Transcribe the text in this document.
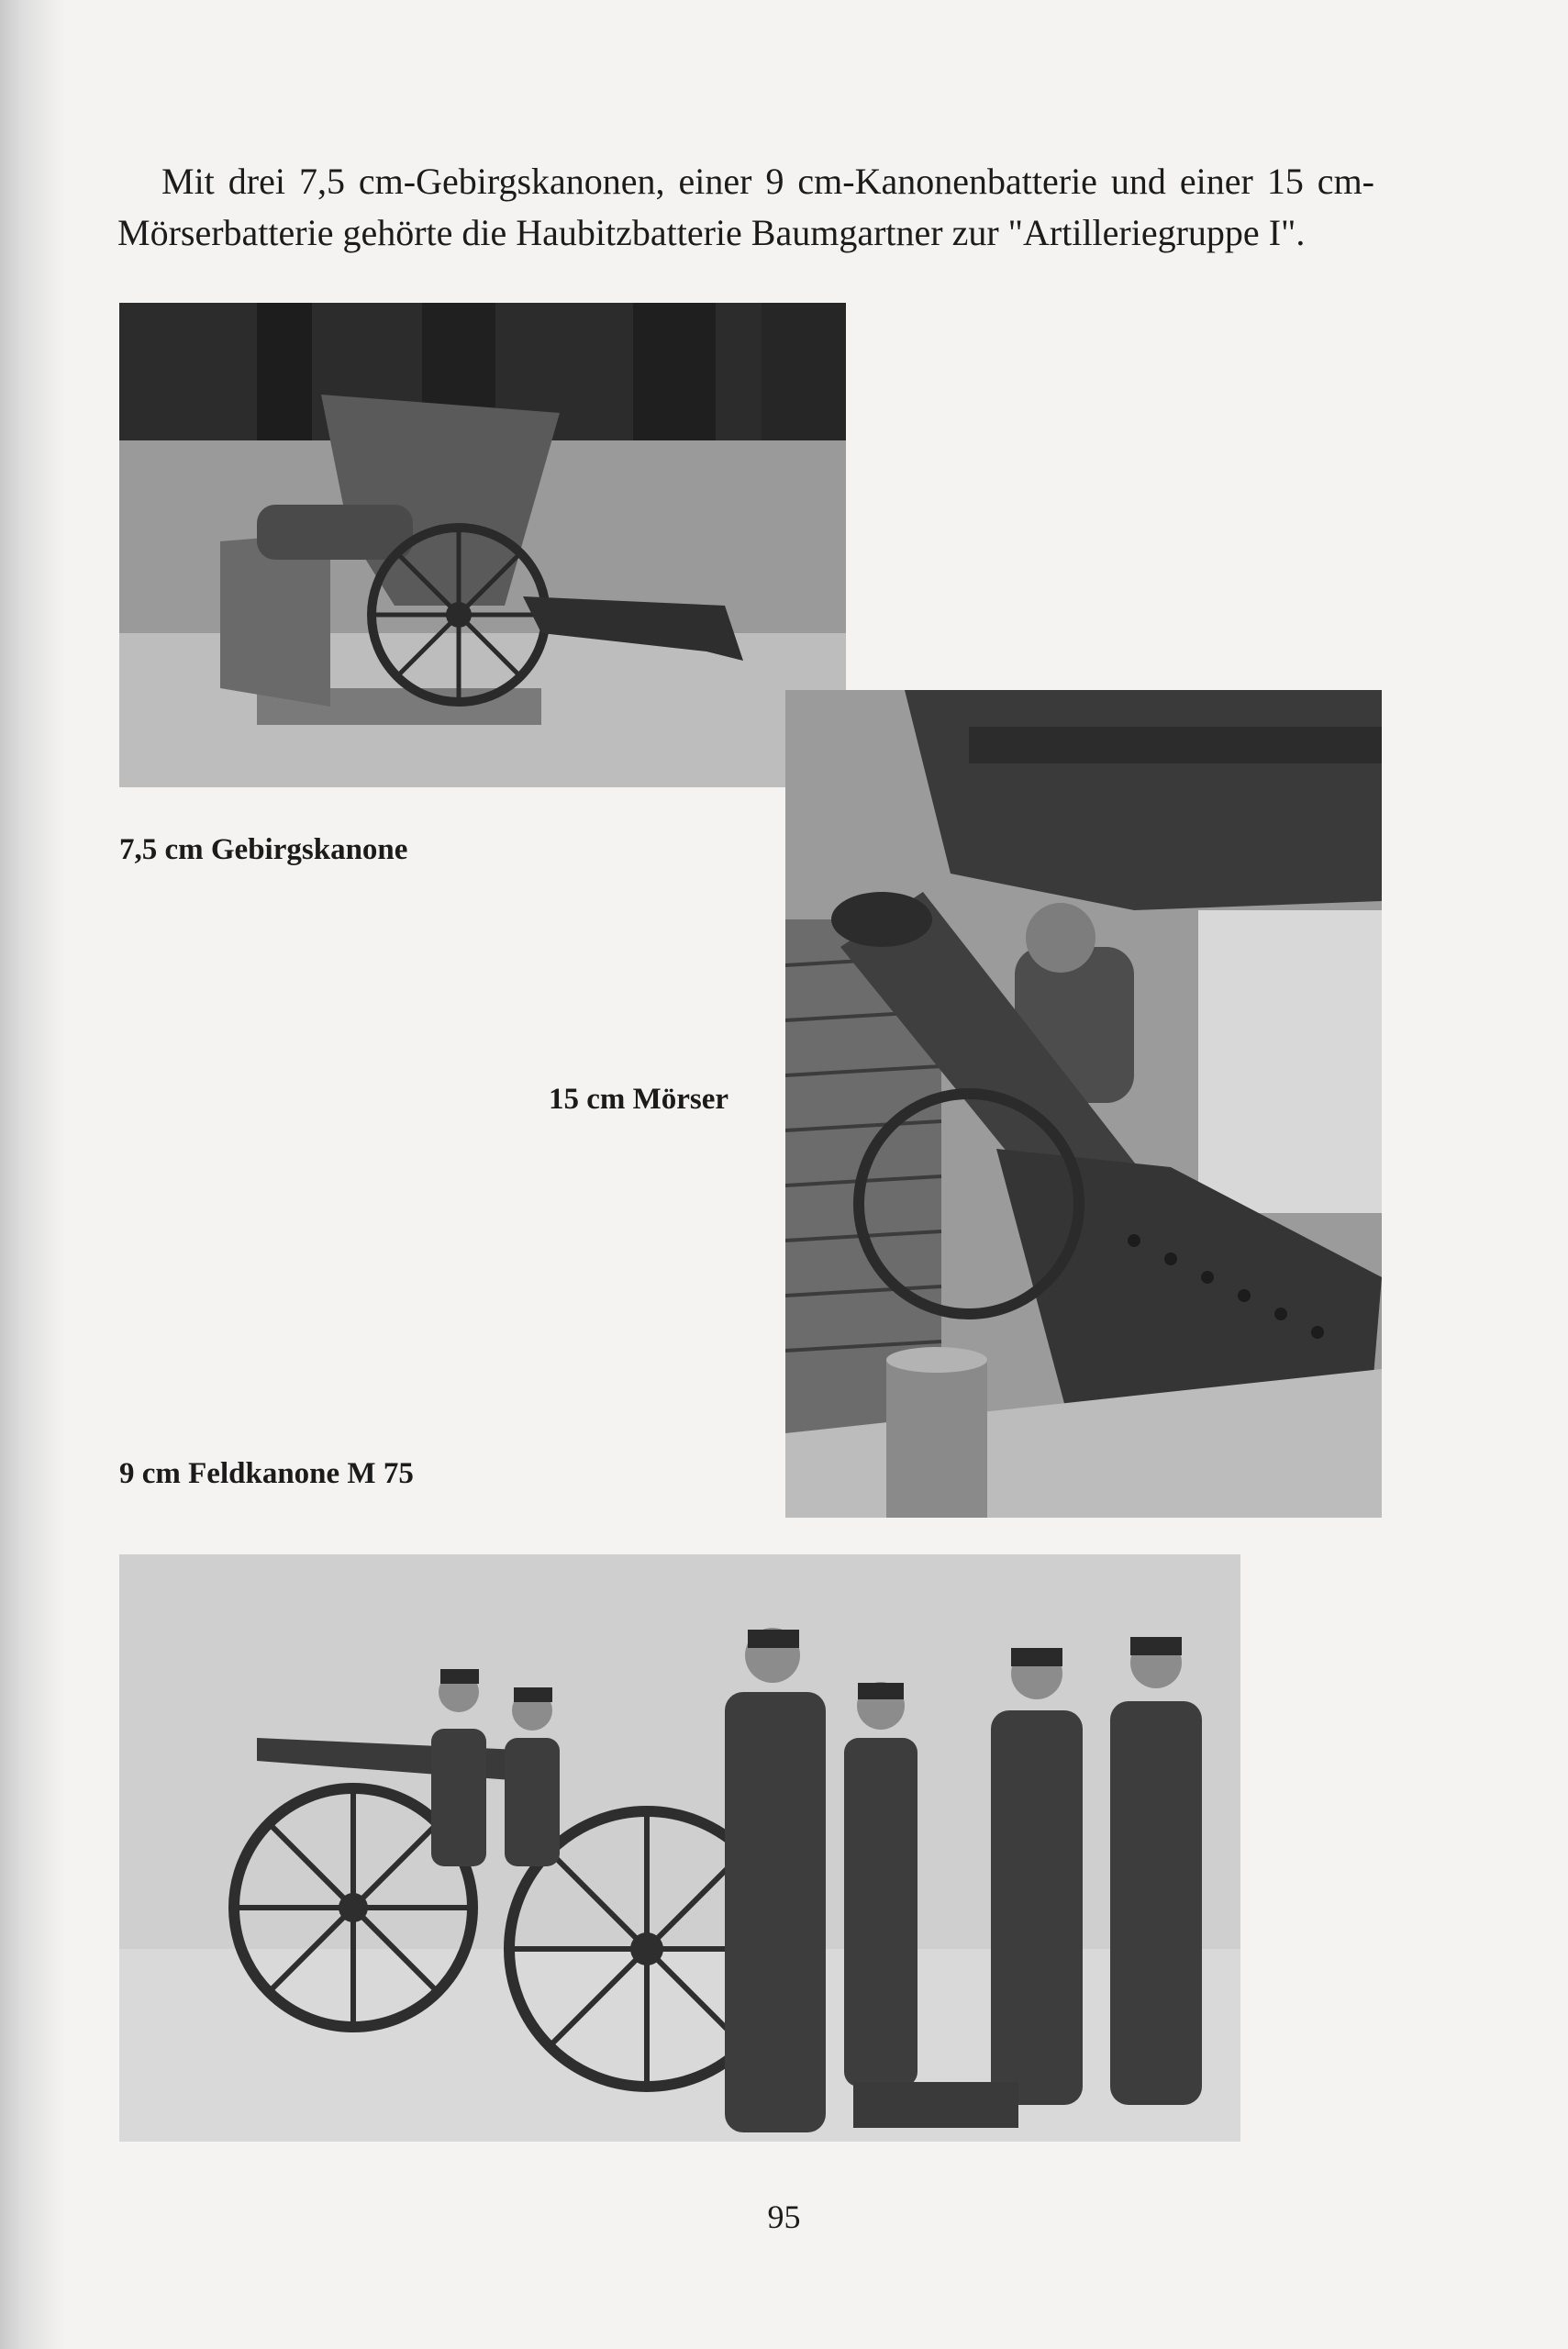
Mit drei 7,5 cm-Gebirgskanonen, einer 9 cm-Kanonenbatterie und einer 15 cm-
Mörserbatterie gehörte die Haubitzbatterie Baumgartner zur "Artilleriegruppe I".

7,5 cm Gebirgskanone
15 cm Mörser
9 cm Feldkanone M 75
95
